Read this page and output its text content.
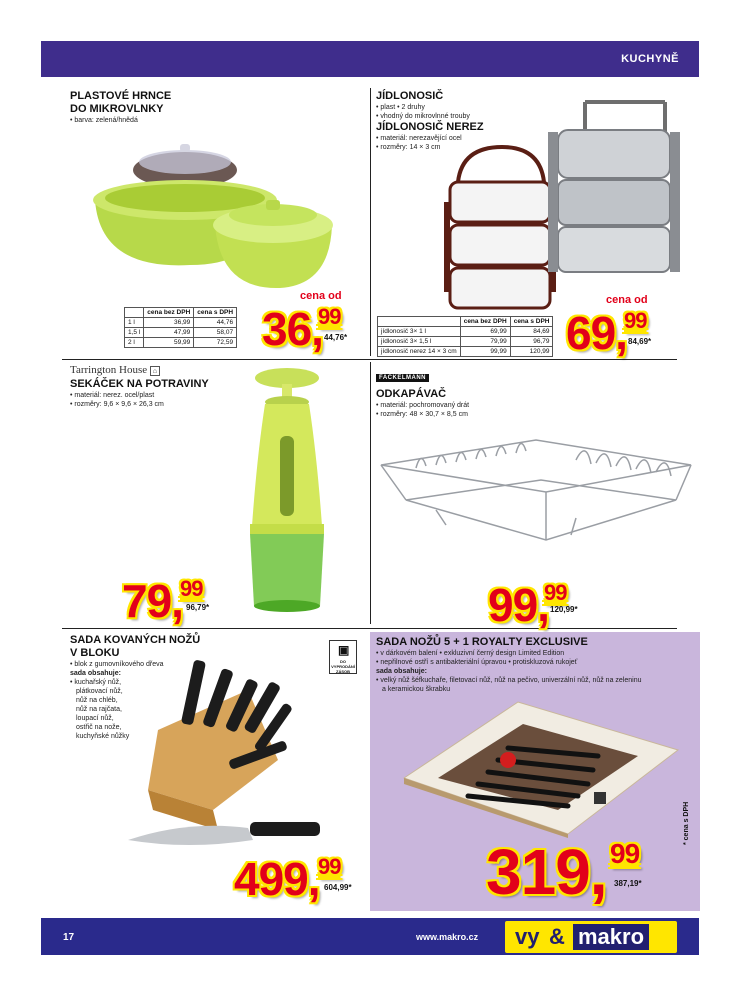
KUCHYNĚ
PLASTOVÉ HRNCE
DO MIKROVLNKY
• barva: zelená/hnědá
	cena bez DPH	cena s DPH
1 l	36,99	44,76
1,5 l	47,99	58,07
2 l	59,99	72,59
cena od
36,
99
44,76*
JÍDLONOSIČ
• plast • 2 druhy
• vhodný do mikrovlnné trouby
JÍDLONOSIČ NEREZ
• materiál: nerezavějící ocel
• rozměry: 14 × 3 cm
	cena bez DPH	cena s DPH
jídlonosič 3× 1 l	69,99	84,69
jídlonosič 3× 1,5 l	79,99	96,79
jídlonosič nerez 14 × 3 cm	99,99	120,99
cena od
69,
99
84,69*
Tarrington House ⌂
SEKÁČEK NA POTRAVINY
• materiál: nerez. ocel/plast
• rozměry: 9,6 × 9,6 × 26,3 cm
79,
99
96,79*
FACKELMANN
ODKAPÁVAČ
• materiál: pochromovaný drát
• rozměry: 48 × 30,7 × 8,5 cm
99,
99
120,99*
SADA KOVANÝCH NOŽŮ
V BLOKU
• blok z gumovníkového dřeva
sada obsahuje:
• kuchařský nůž,
plátkovací nůž,
nůž na chléb,
nůž na rajčata,
loupací nůž,
ostřič na nože,
kuchyňské nůžky
▣
DO VYPRODÁNÍ ZÁSOB
499,
99
604,99*
SADA NOŽŮ 5 + 1 ROYALTY EXCLUSIVE
• v dárkovém balení • exkluzivní černý design Limited Edition
• nepřilnové ostří s antibakteriální úpravou • protiskluzová rukojeť
sada obsahuje:
• velký nůž šéfkuchaře, filetovací nůž, nůž na pečivo, univerzální nůž, nůž na zeleninu
a keramickou škrabku
319, 99
387,19*
* cena s DPH
17	www.makro.cz vy & makro
